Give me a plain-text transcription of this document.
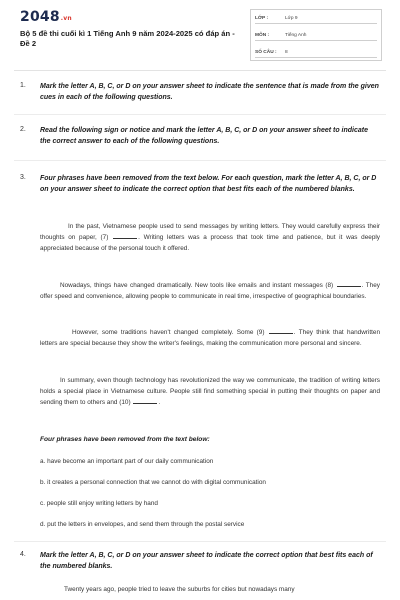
2048.vn
Bộ 5 đề thi cuối kì 1 Tiếng Anh 9 năm 2024-2025 có đáp án - Đề 2
LỚP :	Lớp 9
MÔN :	Tiếng Anh
SỐ CÂU : 8
1. Mark the letter A, B, C, or D on your answer sheet to indicate the sentence that is made from the given cues in each of the following questions.
2. Read the following sign or notice and mark the letter A, B, C, or D on your answer sheet to indicate the correct answer to each of the following questions.
3. Four phrases have been removed from the text below. For each question, mark the letter A, B, C, or D on your answer sheet to indicate the correct option that best fits each of the numbered blanks.
In the past, Vietnamese people used to send messages by writing letters. They would carefully express their thoughts on paper, (7)	. Writing letters was a process that took time and patience, but it was deeply appreciated because of the personal touch it offered.
Nowadays, things have changed dramatically. New tools like emails and instant messages (8)	. They offer speed and convenience, allowing people to communicate in real time, irrespective of geographical boundaries.
However, some traditions haven't changed completely. Some (9)	. They think that handwritten letters are special because they show the writer's feelings, making the communication more personal and sincere.
In summary, even though technology has revolutionized the way we communicate, the tradition of writing letters holds a special place in Vietnamese culture. People still find something special in putting their thoughts on paper and sending them to others and (10)	.
Four phrases have been removed from the text below:
a. have become an important part of our daily communication
b. it creates a personal connection that we cannot do with digital communication
c. people still enjoy writing letters by hand
d. put the letters in envelopes, and send them through the postal service
4. Mark the letter A, B, C, or D on your answer sheet to indicate the correct option that best fits each of the numbered blanks.
Twenty years ago, people tried to leave the suburbs for cities but nowadays many
